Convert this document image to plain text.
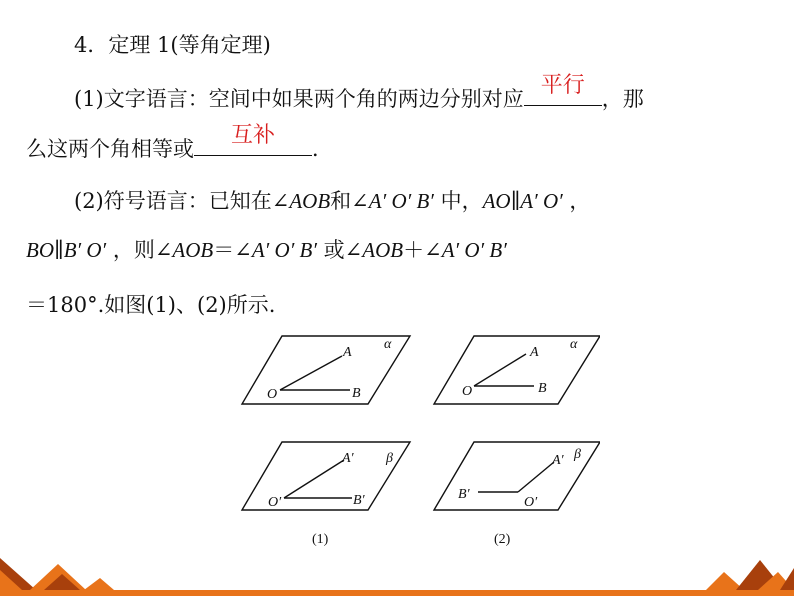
4．定理 1(等角定理)
(1)文字语言：空间中如果两个角的两边分别对应
平行
，那
么这两个角相等或
互补
．
(2)符号语言：已知在∠AOB和∠A′ O′ B′ 中，AO∥A′ O′ ，
BO∥B′ O′ ，则∠AOB＝∠A′ O′ B′ 或∠AOB＋∠A′ O′ B′
＝180°.如图(1)、(2)所示.
A
O	B
α
A
O	B
α
A′
O′	B′
β	A′
O′
B′
β
(1)	(2)
